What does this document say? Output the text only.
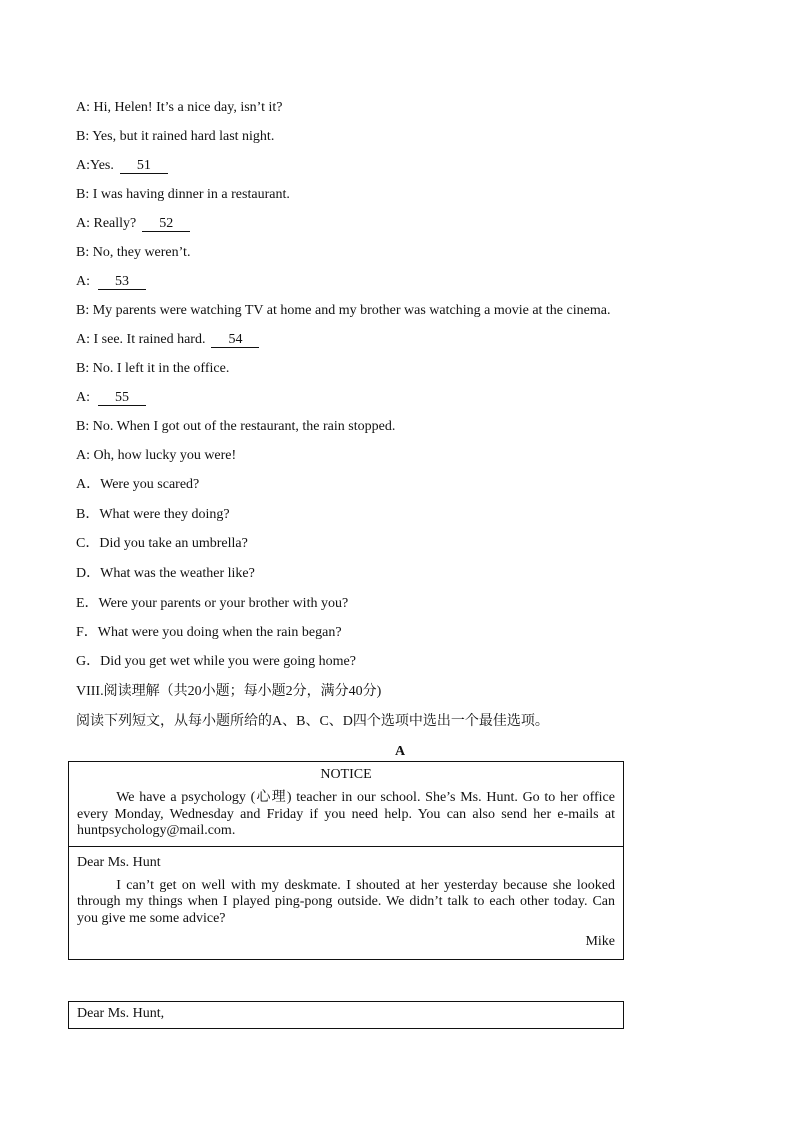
A: Hi, Helen! It’s a nice day, isn’t it?
B: Yes, but it rained hard last night.
A:Yes. 51
B: I was having dinner in a restaurant.
A: Really? 52
B: No, they weren’t.
A: 53
B: My parents were watching TV at home and my brother was watching a movie at the cinema.
A: I see. It rained hard. 54
B: No. I left it in the office.
A: 55
B: No. When I got out of the restaurant, the rain stopped.
A: Oh, how lucky you were!
A．Were you scared?
B．What were they doing?
C．Did you take an umbrella?
D．What was the weather like?
E．Were your parents or your brother with you?
F．What were you doing when the rain began?
G．Did you get wet while you were going home?
VIII.阅读理解（共20小题；每小题2分，满分40分)
阅读下列短文，从每小题所给的A、B、C、D四个选项中选出一个最佳选项。
A
NOTICE
We have a psychology (心理) teacher in our school. She’s Ms. Hunt. Go to her office every Monday, Wednesday and Friday if you need help. You can also send her e-mails at huntpsychology@mail.com.
Dear Ms. Hunt
I can’t get on well with my deskmate. I shouted at her yesterday because she looked through my things when I played ping-pong outside. We didn’t talk to each other today. Can you give me some advice?
Mike
Dear Ms. Hunt,
